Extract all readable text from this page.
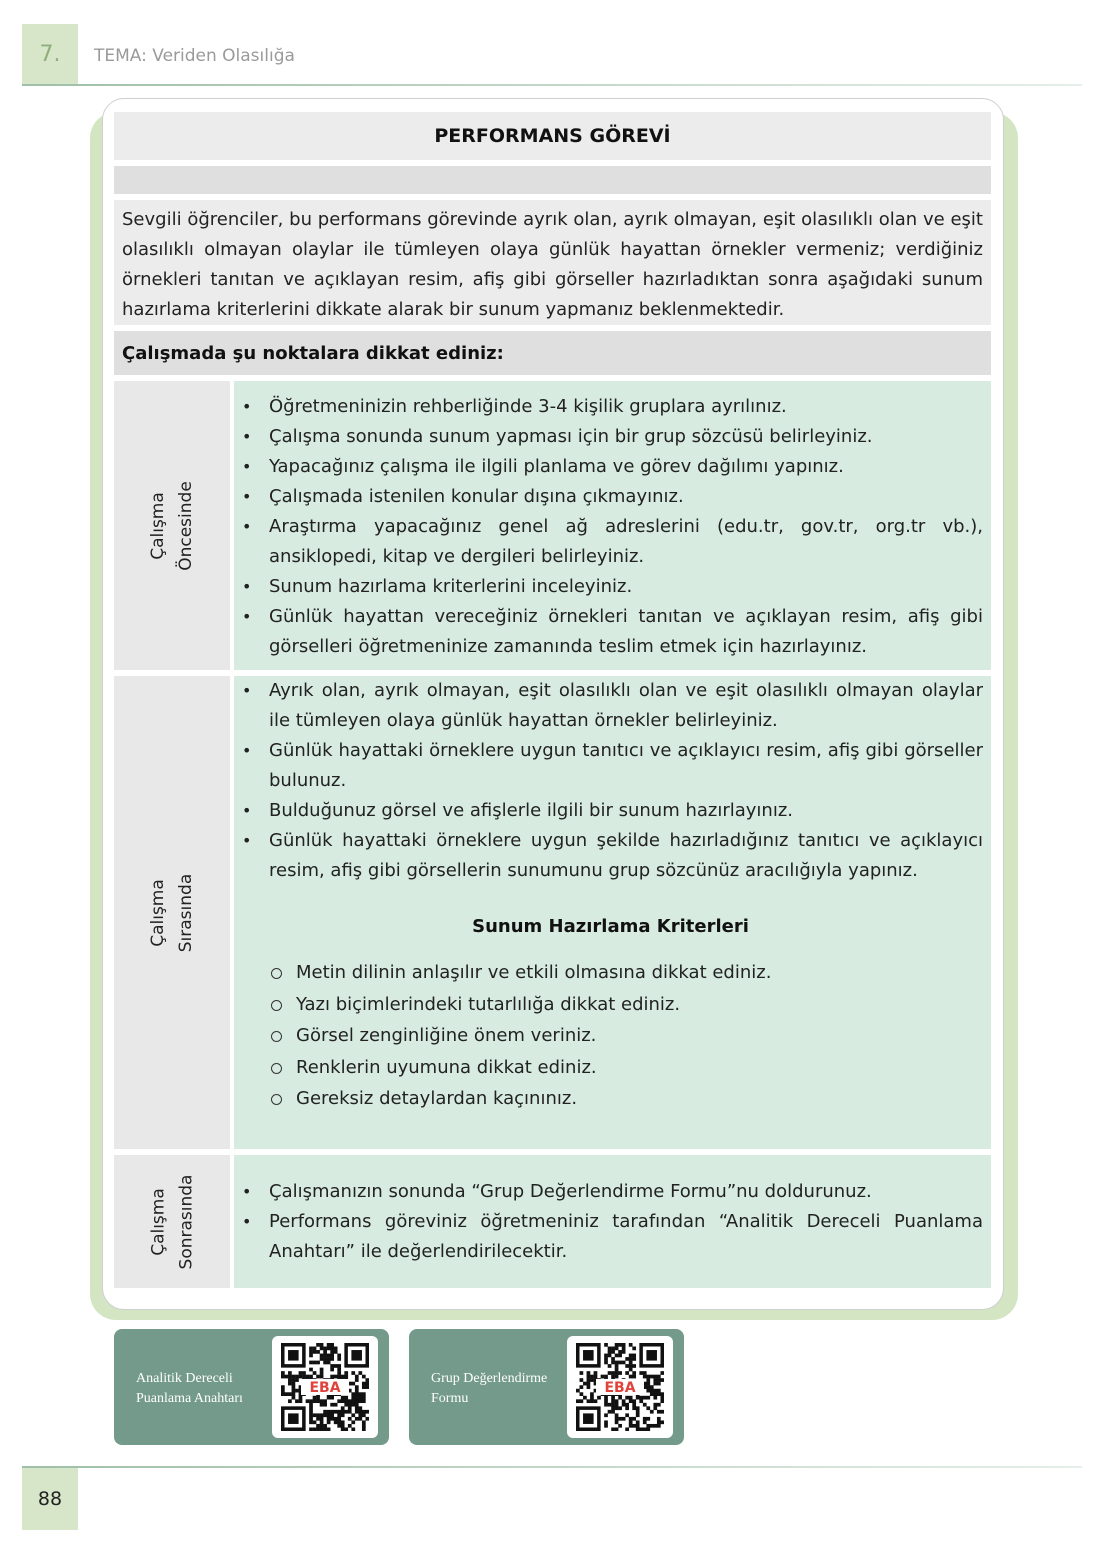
7. TEMA: Veriden Olasılığa
PERFORMANS GÖREVİ

Sevgili öğrenciler, bu performans görevinde ayrık olan, ayrık olmayan, eşit olasılıklı olan ve eşit olasılıklı olmayan olaylar ile tümleyen olaya günlük hayattan örnekler vermeniz; verdiğiniz örnekleri tanıtan ve açıklayan resim, afiş gibi görseller hazırladıktan sonra aşağıdaki sunum hazırlama kriterlerini dikkate alarak bir sunum yapmanız beklenmektedir.

Çalışmada şu noktalara dikkat ediniz:
Çalışma Öncesinde
• Öğretmeninizin rehberliğinde 3-4 kişilik gruplara ayrılınız.
• Çalışma sonunda sunum yapması için bir grup sözcüsü belirleyiniz.
• Yapacağınız çalışma ile ilgili planlama ve görev dağılımı yapınız.
• Çalışmada istenilen konular dışına çıkmayınız.
• Araştırma yapacağınız genel ağ adreslerini (edu.tr, gov.tr, org.tr vb.), ansiklopedi, kitap ve dergileri belirleyiniz.
• Sunum hazırlama kriterlerini inceleyiniz.
• Günlük hayattan vereceğiniz örnekleri tanıtan ve açıklayan resim, afiş gibi görselleri öğretmeninize zamanında teslim etmek için hazırlayınız.
Çalışma Sırasında
• Ayrık olan, ayrık olmayan, eşit olasılıklı olan ve eşit olasılıklı olmayan olaylar ile tümleyen olaya günlük hayattan örnekler belirleyiniz.
• Günlük hayattaki örneklere uygun tanıtıcı ve açıklayıcı resim, afiş gibi görseller bulunuz.
• Bulduğunuz görsel ve afişlerle ilgili bir sunum hazırlayınız.
• Günlük hayattaki örneklere uygun şekilde hazırladığınız tanıtıcı ve açıklayıcı resim, afiş gibi görsellerin sunumunu grup sözcünüz aracılığıyla yapınız.
Sunum Hazırlama Kriterleri
Metin dilinin anlaşılır ve etkili olmasına dikkat ediniz.
Yazı biçimlerindeki tutarlılığa dikkat ediniz.
Görsel zenginliğine önem veriniz.
Renklerin uyumuna dikkat ediniz.
Gereksiz detaylardan kaçınınız.
Çalışma Sonrasında
•	Çalışmanızın sonunda “Grup Değerlendirme Formu”nu doldurunuz.
• Performans göreviniz öğretmeniniz tarafından “Analitik Dereceli Puanlama Anahtarı” ile değerlendirilecektir.
Analitik Dereceli
Puanlama Anahtarı
EBA
Grup Değerlendirme
Formu
EBA
88
